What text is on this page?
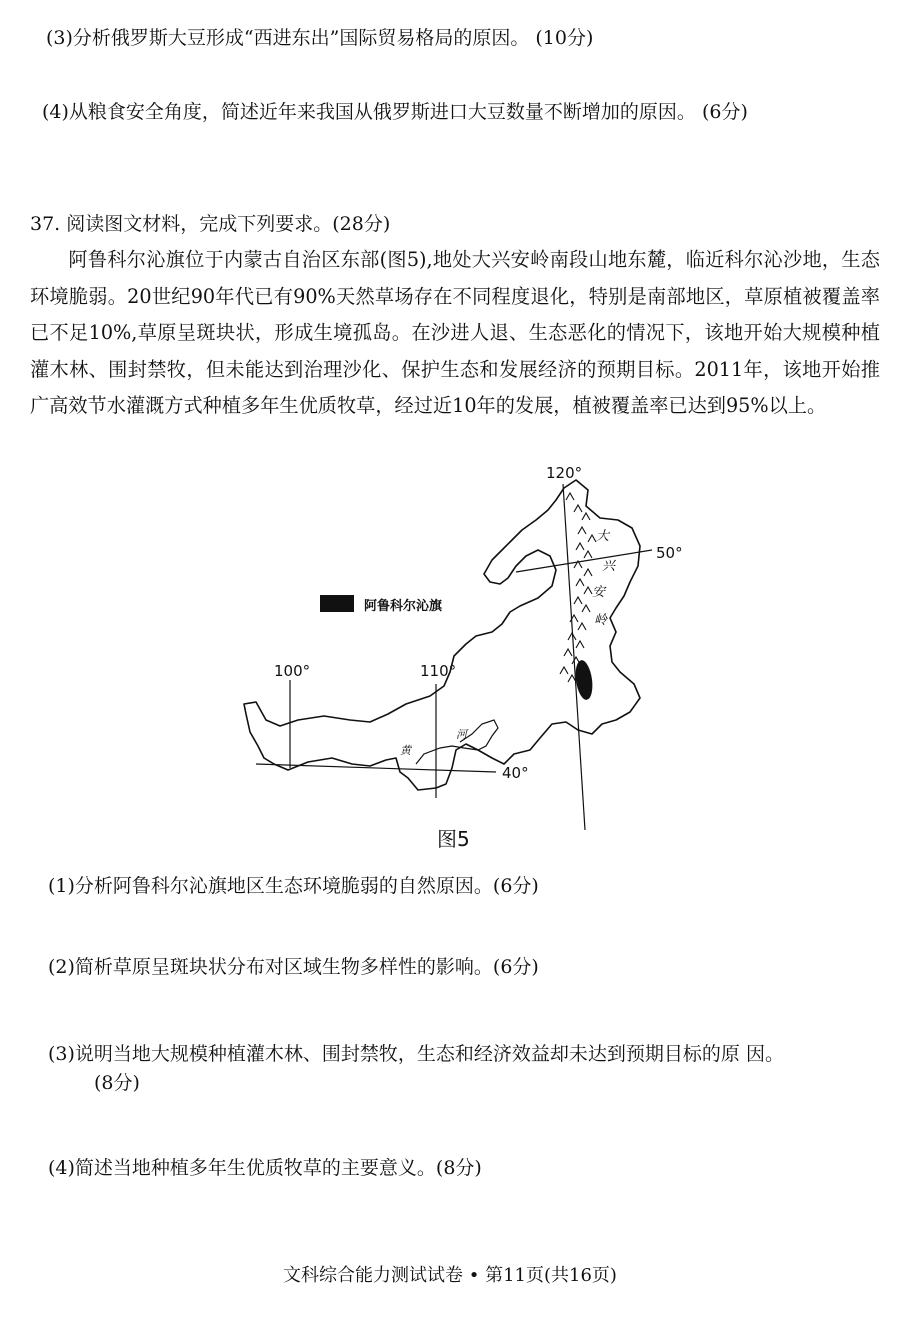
(3)分析俄罗斯大豆形成“西进东出”国际贸易格局的原因。 (10分)
(4)从粮食安全角度，简述近年来我国从俄罗斯进口大豆数量不断增加的原因。 (6分)
37. 阅读图文材料，完成下列要求。(28分)

阿鲁科尔沁旗位于内蒙古自治区东部(图5),地处大兴安岭南段山地东麓，临近科尔沁沙地，生态环境脆弱。20世纪90年代已有90%天然草场存在不同程度退化，特别是南部地区，草原植被覆盖率已不足10%,草原呈斑块状，形成生境孤岛。在沙进人退、生态恶化的情况下，该地开始大规模种植灌木林、围封禁牧，但未能达到治理沙化、保护生态和发展经济的预期目标。2011年，该地开始推广高效节水灌溉方式种植多年生优质牧草，经过近10年的发展，植被覆盖率已达到95%以上。

阿鲁科尔沁旗
120°
110°
100°
50°
40°
大
兴
安
岭
黄
河
图5
(1)分析阿鲁科尔沁旗地区生态环境脆弱的自然原因。(6分)
(2)简析草原呈斑块状分布对区域生物多样性的影响。(6分)
(3)说明当地大规模种植灌木林、围封禁牧，生态和经济效益却未达到预期目标的原 因。
(8分)
(4)简述当地种植多年生优质牧草的主要意义。(8分)
文科综合能力测试试卷 • 第11页(共16页)
